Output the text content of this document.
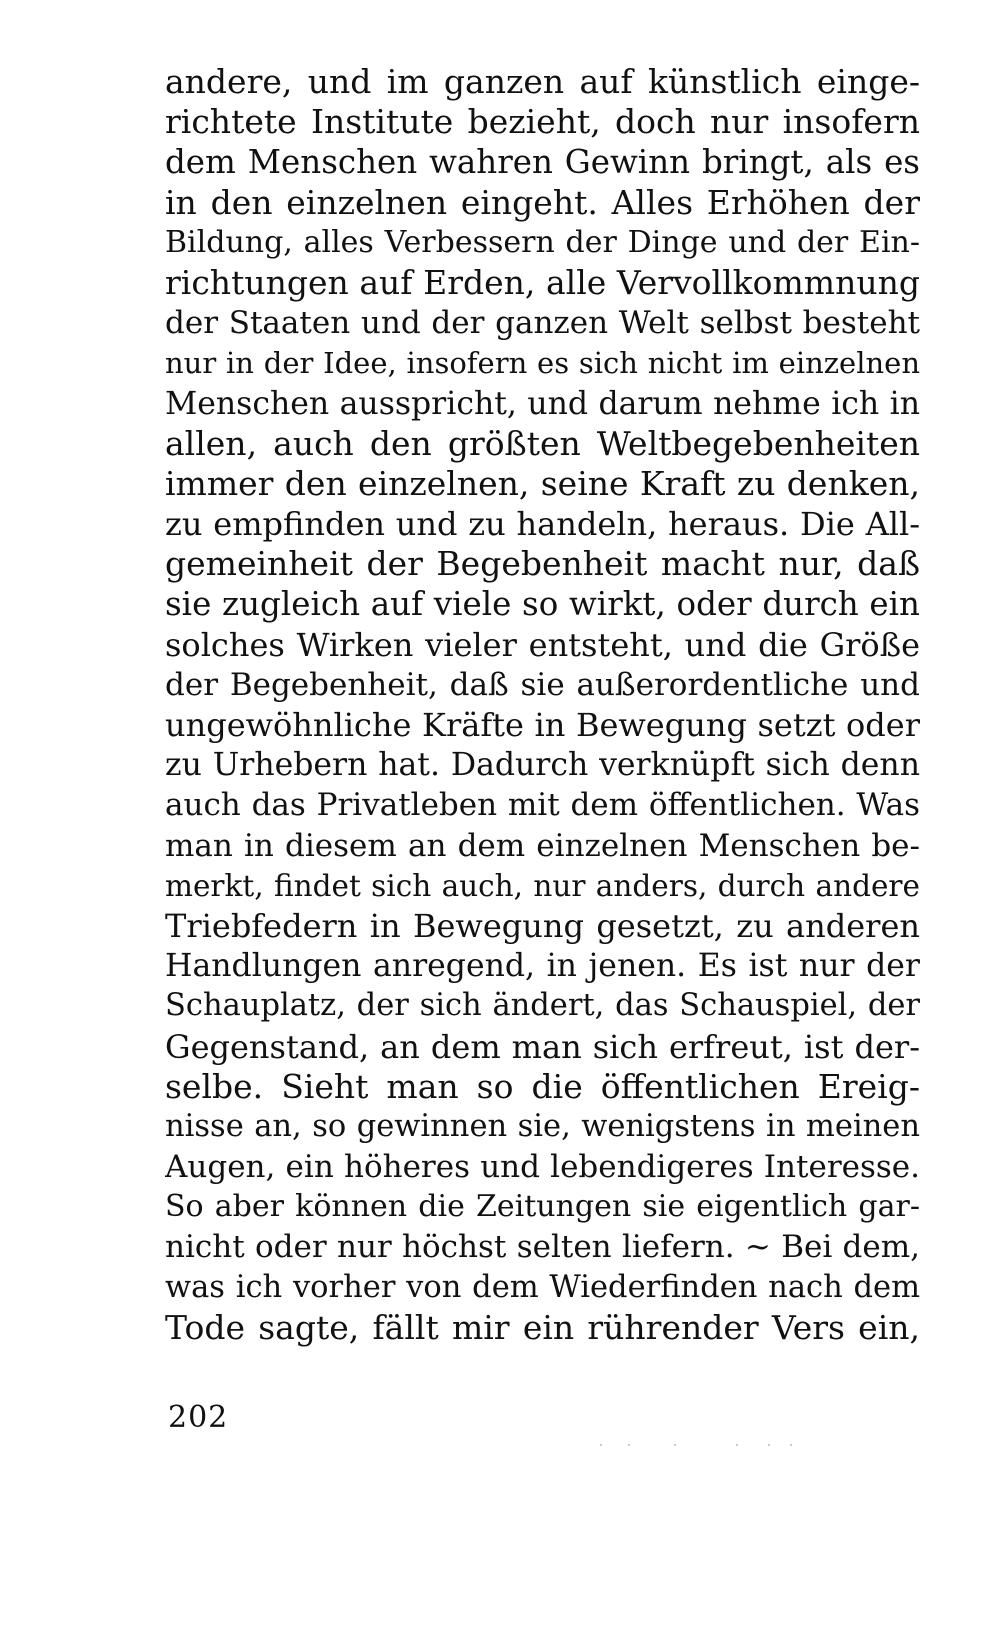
andere, und im ganzen auf künstlich einge-
richtete Institute bezieht, doch nur insofern
dem Menschen wahren Gewinn bringt, als es
in den einzelnen eingeht. Alles Erhöhen der
Bildung, alles Verbessern der Dinge und der Ein-
richtungen auf Erden, alle Vervollkommnung
der Staaten und der ganzen Welt selbst besteht
nur in der Idee, insofern es sich nicht im einzelnen
Menschen ausspricht, und darum nehme ich in
allen, auch den größten Weltbegebenheiten
immer den einzelnen, seine Kraft zu denken,
zu empfinden und zu handeln, heraus. Die All-
gemeinheit der Begebenheit macht nur, daß
sie zugleich auf viele so wirkt, oder durch ein
solches Wirken vieler entsteht, und die Größe
der Begebenheit, daß sie außerordentliche und
ungewöhnliche Kräfte in Bewegung setzt oder
zu Urhebern hat. Dadurch verknüpft sich denn
auch das Privatleben mit dem öffentlichen. Was
man in diesem an dem einzelnen Menschen be-
merkt, findet sich auch, nur anders, durch andere
Triebfedern in Bewegung gesetzt, zu anderen
Handlungen anregend, in jenen. Es ist nur der
Schauplatz, der sich ändert, das Schauspiel, der
Gegenstand, an dem man sich erfreut, ist der-
selbe. Sieht man so die öffentlichen Ereig-
nisse an, so gewinnen sie, wenigstens in meinen
Augen, ein höheres und lebendigeres Interesse.
So aber können die Zeitungen sie eigentlich gar-
nicht oder nur höchst selten liefern. ~ Bei dem,
was ich vorher von dem Wiederfinden nach dem
Tode sagte, fällt mir ein rührender Vers ein,
202
